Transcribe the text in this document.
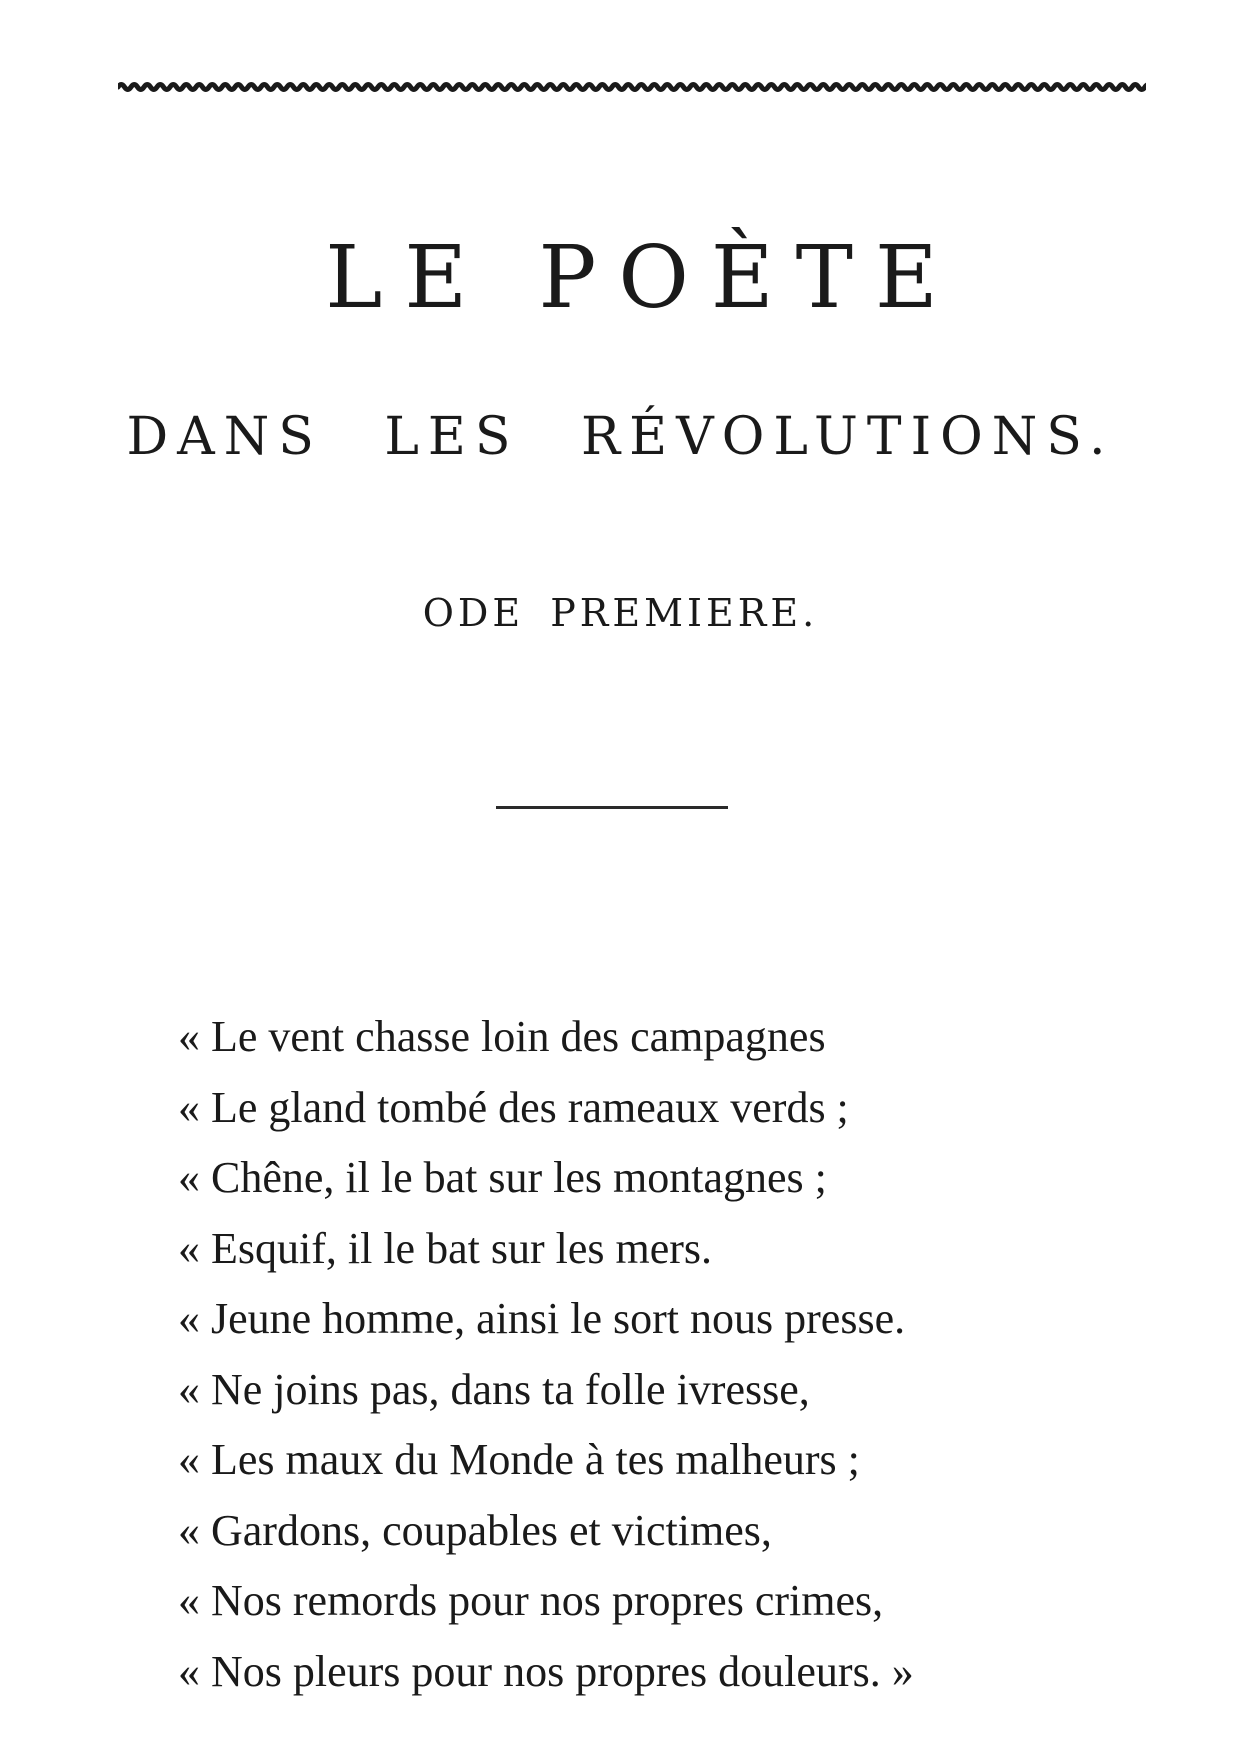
LE POÈTE
DANS LES RÉVOLUTIONS.
ODE PREMIERE.
« Le vent chasse loin des campagnes
« Le gland tombé des rameaux verds ;
« Chêne, il le bat sur les montagnes ;
« Esquif, il le bat sur les mers.
« Jeune homme, ainsi le sort nous presse.
« Ne joins pas, dans ta folle ivresse,
« Les maux du Monde à tes malheurs ;
« Gardons, coupables et victimes,
« Nos remords pour nos propres crimes,
« Nos pleurs pour nos propres douleurs. »
